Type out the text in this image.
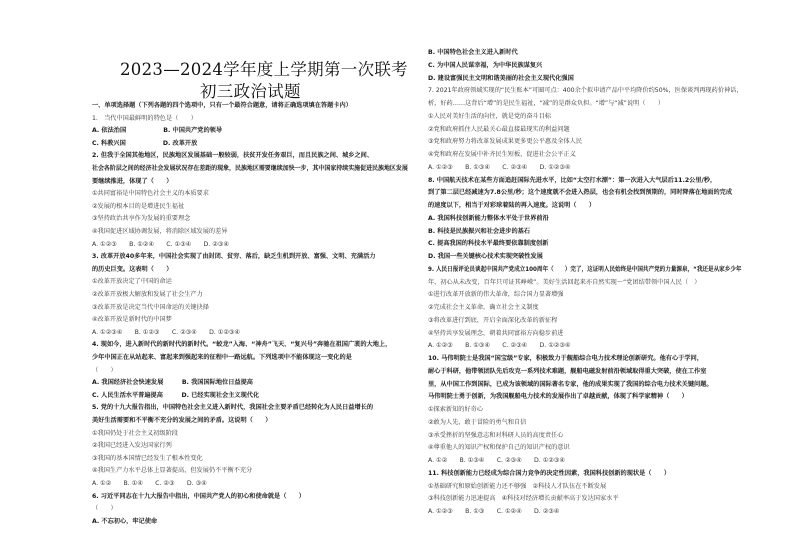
2023—2024学年度上学期第一次联考
初三政治试题
一、单项选择题（下列各题的四个选项中，只有一个最符合题意，请将正确选项填在答题卡内）
1.　当代中国最鲜明的特色是（　　）
A. 依法治国　　　　　　B. 中国共产党的领导
C. 科教兴国　　　　　　D. 改革开放
2. 但我于全国其他地区，民族地区发展基础一般较弱，扶贫开发任务艰巨，而且民族之间、城乡之间、
社会各阶层之间的经济社会发展状况存在差距的现象，民族地区需要继续加快一步，其中国家持续实施促进民族地区发展
要继续推进，体现了（　　）
①共同富裕是中国特色社会主义的本质要求
②发展的根本目的是增进民生福祉
③坚持政治共享作为发展的重要理念
④我国促进区域协调发展，将消除区域发展的差异
A. ①②③　　B. ①②④　　C. ①③④　　D. ②③④
3. 改革开放40多年来，中国社会实现了由封闭、贫穷、落后，缺乏生机到开放、富强、文明、充满活力
的历史巨变。这表明（　　）
①改革开放决定了中国的命运
②改革开放极大解放和发展了社会生产力
③改革开放是决定当代中国命运的关键抉择
④改革开放是新时代的中国梦
A. ①②③④　　B. ①②③　　C. ②③④　　D. ①②③④
4. 现如今，进入新时代的新时代的新时代。“蛟龙”入海、“神舟”飞天、“复兴号”奔驰在祖国广袤的大地上，
少年中国正在从站起来、富起来到强起来的征程中一路远航。下列选项中不能体现这一变化的是
（　　）
A. 我国经济社会快速发展　　　B. 我国国际地位日益提高
C. 人民生活水平普遍提高　　　D. 已经实现社会主义现代化
5. 党的十九大报告指出，中国特色社会主义进入新时代，我国社会主要矛盾已经转化为人民日益增长的
美好生活需要和不平衡不充分的发展之间的矛盾。这说明（　　）
①我国仍处于社会主义初级阶段
②我国已经进入发达国家行列
③我国的基本国情已经发生了根本性变化
④我国生产力水平总体上显著提高，但发展仍不平衡不充分
A. ①②　　B. ①④　　C. ②③　　D. ③④
6. 习近平同志在十九大报告中指出，中国共产党人的初心和使命就是（　　）
（　　）
A. 不忘初心，牢记使命
B. 中国特色社会主义进入新时代
C. 为中国人民谋幸福，为中华民族谋复兴
D. 建设富强民主文明和谐美丽的社会主义现代化强国
7. 2021年政府领域实现的“民生账本”可圈可点：400余个拟申请产品中平均降价约50%，医保谈判再现药价神话，
析，好药……这背后“增”的是民生福祉，“减”的是群众负担。“增”与“减”说明（　　）
①人民对美好生活的向往，就是党的奋斗目标
②党和政府抓住人民最关心最直接最现实的利益问题
③党和政府努力将改革发展成果更多更公平惠及全体人民
④党和政府在发展中补齐民生短板，促进社会公平正义
A. ①②③　　B. ①③④　　C. ②③④　　D. ①②③④
8. 中国航天技术在某些方面追赶国际先进水平，比如“太空打水漂”：第一次进入大气层后11.2公里/秒，
到了第二层已经减速为7.8公里/秒；这个速度就不会进入热层，也会有机会找到预期的，同时降落在地面的完成
的速度以下，相当于对彩球着陆的再入速度。这说明（　　）
A. 我国科技创新能力整体水平处于世界前沿
B. 科技是民族振兴和社会进步的基石
C. 提高我国的科技水平最终要依靠制度创新
D. 我国一些关键核心技术实现突破性发展
9. 人民日报评论员谈起中国共产党成立100周年（　　）完了，这证明人民始终是中国共产党的力量源泉，“我还是从家乡少年
年，初心从未改变，百年只可证其峥嵘”。美好生活回起来亦自然实现～“党团结带领中国人民（　）
①进行改革开放新的伟大革命，综合国力显著增强
②完成社会主义革命，确立社会主义制度
③将改革进行到底，开启全面深化改革的新征程
④坚持共享发展理念，朝着共同富裕方向稳步前进
A. ①②③　　B. ①③④　　C. ②③④　　D. ①②③④
10. 马伟明院士是我国“国宝级”专家，积极致力于舰船综合电力技术理论创新研究。他有心于学问，
耐心于科研，他带领团队先后攻克一系列技术难题，舰船电磁发射前沿领域取得重大突破，使在工作室
里，从中国工作到国际，已成为该领域的国际著名专家，他的成果实现了我国的综合电力技术关键问题。
马伟明院士勇于创新，为我国舰船电力技术的发展作出了卓越贡献，体现了科学家精神（　　）
①探索新知的好奇心
②敢为人先，敢于冒险的勇气和自信
③承受挫折的坚强意志和对科研人员的高度责任心
④尊重他人的知识产权和保护自己的知识产权的意识
A. ①②　　B. ①③④　　C. ②③④　　D. ①②③④
11. 科技创新能力已经成为综合国力竞争的决定性因素，我国科技创新的现状是（　　）
①基础研究和原始创新能力还不够强　②科技人才队伍在不断发展
③科技创新能力迅速提高　④科技对经济增长贡献率高于发达国家水平
A. ①②③　　B. ①③　　C. ①②④　　D. ②③④
